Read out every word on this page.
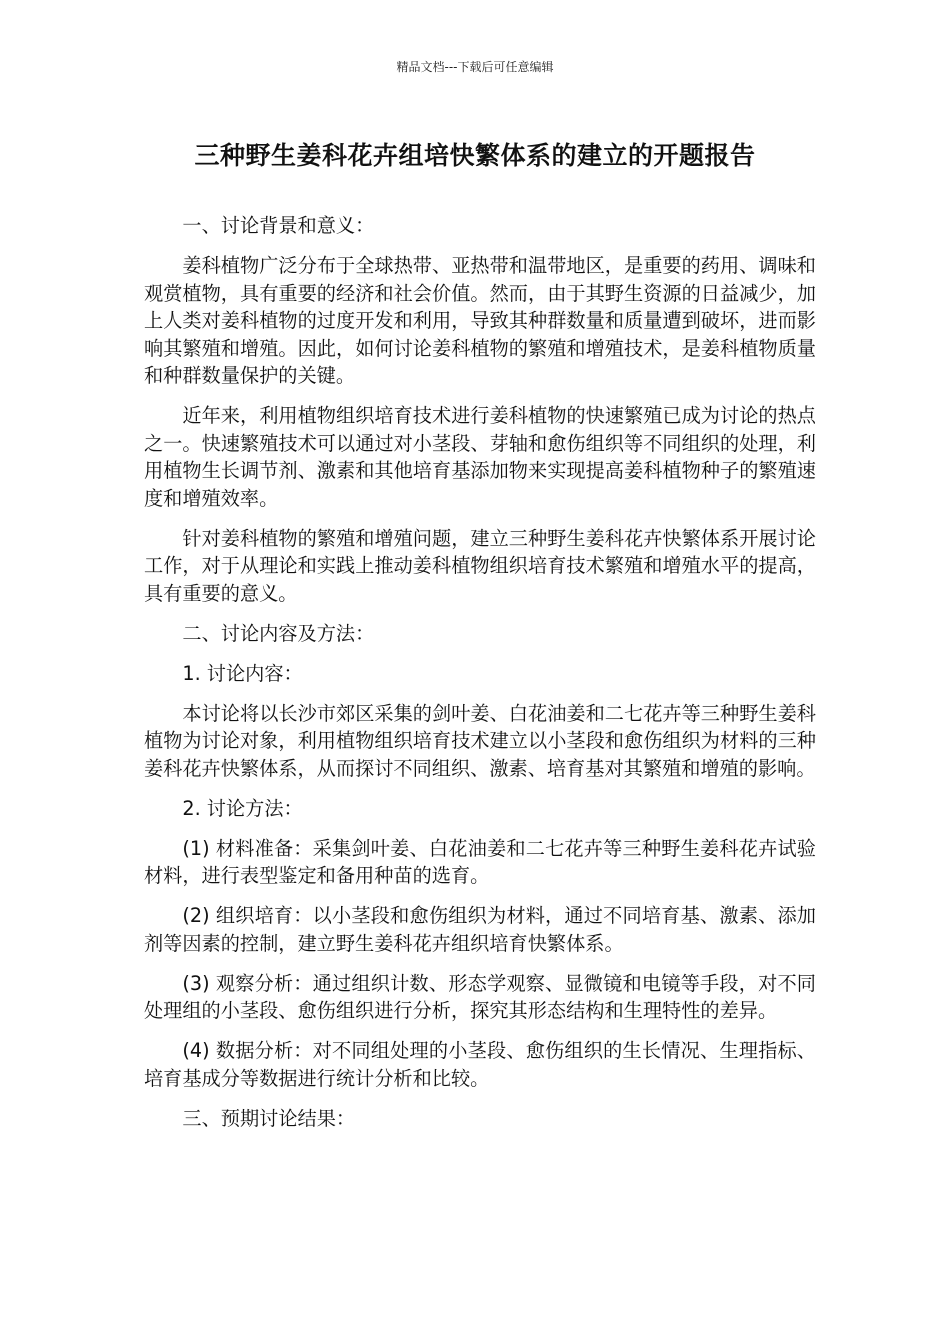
精品文档---下载后可任意编辑
三种野生姜科花卉组培快繁体系的建立的开题报告

一、讨论背景和意义：

姜科植物广泛分布于全球热带、亚热带和温带地区，是重要的药用、调味和观赏植物，具有重要的经济和社会价值。然而，由于其野生资源的日益减少，加上人类对姜科植物的过度开发和利用，导致其种群数量和质量遭到破坏，进而影响其繁殖和增殖。因此，如何讨论姜科植物的繁殖和增殖技术，是姜科植物质量和种群数量保护的关键。

近年来，利用植物组织培育技术进行姜科植物的快速繁殖已成为讨论的热点之一。快速繁殖技术可以通过对小茎段、芽轴和愈伤组织等不同组织的处理，利用植物生长调节剂、激素和其他培育基添加物来实现提高姜科植物种子的繁殖速度和增殖效率。

针对姜科植物的繁殖和增殖问题，建立三种野生姜科花卉快繁体系开展讨论工作，对于从理论和实践上推动姜科植物组织培育技术繁殖和增殖水平的提高，具有重要的意义。

二、讨论内容及方法：

1. 讨论内容：

本讨论将以长沙市郊区采集的剑叶姜、白花油姜和二七花卉等三种野生姜科植物为讨论对象，利用植物组织培育技术建立以小茎段和愈伤组织为材料的三种姜科花卉快繁体系，从而探讨不同组织、激素、培育基对其繁殖和增殖的影响。

2. 讨论方法：

(1) 材料准备：采集剑叶姜、白花油姜和二七花卉等三种野生姜科花卉试验材料，进行表型鉴定和备用种苗的选育。

(2) 组织培育：以小茎段和愈伤组织为材料，通过不同培育基、激素、添加剂等因素的控制，建立野生姜科花卉组织培育快繁体系。

(3) 观察分析：通过组织计数、形态学观察、显微镜和电镜等手段，对不同处理组的小茎段、愈伤组织进行分析，探究其形态结构和生理特性的差异。

(4) 数据分析：对不同组处理的小茎段、愈伤组织的生长情况、生理指标、培育基成分等数据进行统计分析和比较。

三、预期讨论结果：
